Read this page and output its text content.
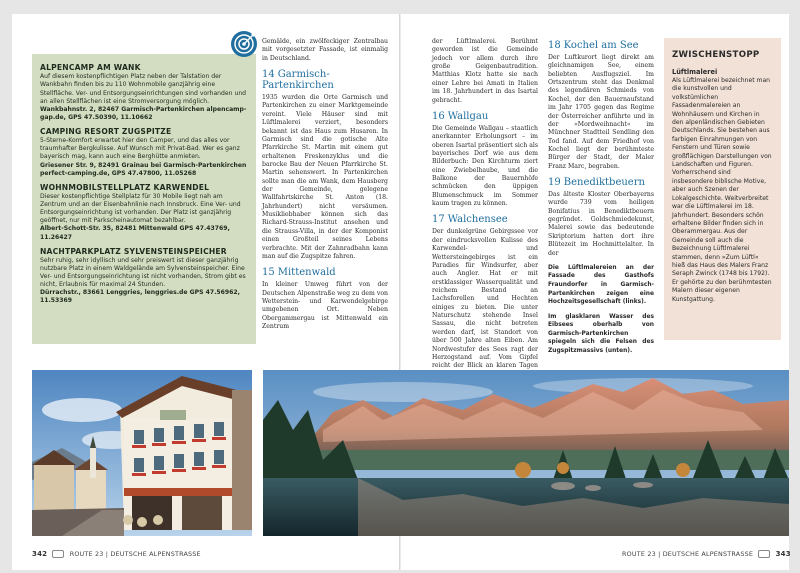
ALPENCAMP AM WANK
Auf diesem kostenpflichtigen Platz neben der Talstation der Wankbahn finden bis zu 110 Wohnmobile ganzjährig eine Stellfläche. Ver- und Entsorgungseinrichtungen sind vorhanden und an allen Stellflächen ist eine Stromversorgung möglich.
Wankbahnstr. 2, 82467 Garmisch-Partenkirchen alpencamp-gap.de, GPS 47.50390, 11.10662
CAMPING RESORT ZUGSPITZE
5-Sterne-Komfort erwartet hier den Camper, und das alles vor traumhafter Bergkulisse. Auf Wunsch mit Privat-Bad. Wer es ganz bayerisch mag, kann auch eine Berghütte anmieten.
Griesener Str. 9, 82491 Grainau bei Garmisch-Partenkirchen perfect-camping.de, GPS 47.47800, 11.05268
WOHNMOBILSTELLPLATZ KARWENDEL
Dieser kostenpflichtige Stellplatz für 30 Mobile liegt nah am Zentrum und an der Eisenbahnlinie nach Innsbruck. Eine Ver- und Entsorgungseinrichtung ist vorhanden. Der Platz ist ganzjährig geöffnet, nur mit Parkscheinautomat bezahlbar.
Albert-Schott-Str. 35, 82481 Mittenwald GPS 47.43769, 11.26427
NACHTPARKPLATZ SYLVENSTEINSPEICHER
Sehr ruhig, sehr idyllisch und sehr preiswert ist dieser ganzjährig nutzbare Platz in einem Waldgelände am Sylvensteinspeicher. Eine Ver- und Entsorgungseinrichtung ist nicht vorhanden, Strom gibt es nicht, Erlaubnis für maximal 24 Stunden.
Dürrachstr., 83661 Lenggries, lenggries.de GPS 47.56962, 11.53369

Gemälde, ein zwölfeckiger Zentralbau mit vorgesetzter Fassade, ist einmalig in Deutschland.

14 Garmisch-Partenkirchen

1935 wurden die Orte Garmisch und Partenkirchen zu einer Marktgemeinde vereint. Viele Häuser sind mit Lüftlmalerei verziert, besonders bekannt ist das Haus zum Husaren. In Garmisch sind die gotische Alte Pfarrkirche St. Martin mit einem gut erhaltenen Freskenzyklus und die barocke Bau der Neuen Pfarrkirche St. Martin sehenswert. In Partenkirchen sollte man die am Wank, dem Hausberg der Gemeinde, gelegene Wallfahrtskirche St. Anton (18. Jahrhundert) nicht versäumen. Musikliebhaber können sich das Richard-Strauss-Institut ansehen und die Strauss-Villa, in der der Komponist einen Großteil seines Lebens verbrachte. Mit der Zahnradbahn kann man auf die Zugspitze fahren.

15 Mittenwald

In kleiner Umweg führt von der Deutschen Alpenstraße weg zu dem von Wetterstein- und Karwendelgebirge umgebenen Ort. Neben Obergammergau ist Mittenwald ein Zentrum

der Lüftlmalerei. Berühmt geworden ist die Gemeinde jedoch vor allem durch ihre große Geigenbautradition. Matthias Klotz hatte sie nach einer Lehre bei Amati in Italien im 18. Jahrhundert in das Isartal gebracht.

16 Wallgau

Die Gemeinde Wallgau – staatlich anerkannter Erholungsort – im oberen Isartal präsentiert sich als bayerisches Dorf wie aus dem Bilderbuch: Den Kirchturm ziert eine Zwiebelhaube, und die Balkone der Bauernhöfe schmücken den üppigen Blumenschmuck im Sommer kaum tragen zu können.

17 Walchensee

Der dunkelgrüne Gebirgssee vor der eindrucksvollen Kulisse des Karwendel- und Wettersteingebirges ist ein Paradies für Windsurfer, aber auch Angler. Hat er mit erstklassiger Wasserqualität und reichem Bestand an Lachsforellen und Hechten einiges zu bieten. Die unter Naturschutz stehende Insel Sassau, die nicht betreten werden darf, ist Standort von über 500 Jahre alten Eiben. Am Nordwestufer des Sees ragt der Herzogstand auf. Vom Gipfel reicht der Blick an klaren Tagen

18 Kochel am See

Der Luftkurort liegt direkt am gleichnamigen See, einem beliebten Ausflugsziel. Im Ortszentrum steht das Denkmal des legendären Schmieds von Kochel, der den Bauernaufstand im Jahr 1705 gegen das Regime der Österreicher anführte und in der »Mordweihnacht« im Münchner Stadtteil Sendling den Tod fand. Auf dem Friedhof von Kochel liegt der berühmteste Bürger der Stadt, der Maler Franz Marc, begraben.

19 Benediktbeuern

Das älteste Kloster Oberbayerns wurde 739 vom heiligen Bonifatius in Benediktbeuern gegründet. Goldschmiedekunst, Malerei sowie das bedeutende Skriptorium hatten dort ihre Blütezeit im Hochmittelalter. In der

Die Lüftlmalereien an der Fassade des Gasthofs Fraundorfer in Garmisch-Partenkirchen zeigen eine Hochzeitsgesellschaft (links).
Im glasklaren Wasser des Eibsees oberhalb von Garmisch-Partenkirchen spiegeln sich die Felsen des Zugspitzmassivs (unten).
ZWISCHENSTOPP
Lüftlmalerei
Als Lüftlmalerei bezeichnet man die kunstvollen und volkstümlichen Fassadenmalereien an Wohnhäusern und Kirchen in den alpenländischen Gebieten Deutschlands. Sie bestehen aus farbigen Einrahmungen von Fenstern und Türen sowie großflächigen Darstellungen von Landschaften und Figuren. Vorherrschend sind insbesondere biblische Motive, aber auch Szenen der Lokalgeschichte. Weitverbreitet war die Lüftlmalerei im 18. Jahrhundert. Besonders schön erhaltene Bilder finden sich in Oberammergau. Aus der Gemeinde soll auch die Bezeichnung Lüftlmalerei stammen, denn »Zum Lüftl« hieß das Haus des Malers Franz Seraph Zwinck (1748 bis 1792). Er gehörte zu den berühmtesten Malern dieser eigenen Kunstgattung.
342	ROUTE 23 | DEUTSCHE ALPENSTRASSE	ROUTE 23 | DEUTSCHE ALPENSTRASSE	343
